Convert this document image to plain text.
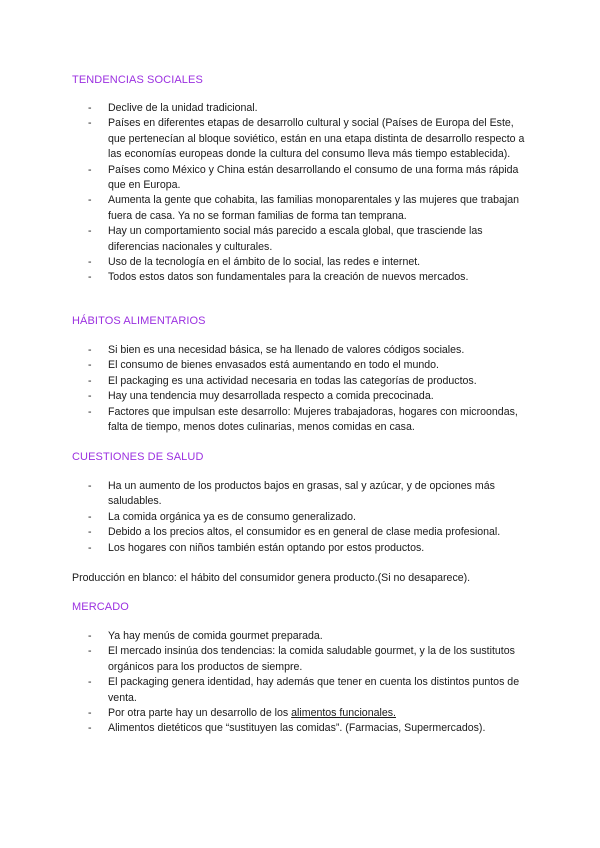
TENDENCIAS SOCIALES
- Declive de la unidad tradicional.
- Países en diferentes etapas de desarrollo cultural y social (Países de Europa del Este, que pertenecían al bloque soviético, están en una etapa distinta de desarrollo respecto a las economías europeas donde la cultura del consumo lleva más tiempo establecida).
- Países como México y China están desarrollando el consumo de una forma más rápida que en Europa.
- Aumenta la gente que cohabita, las familias monoparentales y las mujeres que trabajan fuera de casa. Ya no se forman familias de forma tan temprana.
- Hay un comportamiento social más parecido a escala global, que trasciende las diferencias nacionales y culturales.
- Uso de la tecnología en el ámbito de lo social, las redes e internet.
- Todos estos datos son fundamentales para la creación de nuevos mercados.
HÁBITOS ALIMENTARIOS
- Si bien es una necesidad básica, se ha llenado de valores códigos sociales.
- El consumo de bienes envasados está aumentando en todo el mundo.
- El packaging es una actividad necesaria en todas las categorías de productos.
- Hay una tendencia muy desarrollada respecto a comida precocinada.
- Factores que impulsan este desarrollo: Mujeres trabajadoras, hogares con microondas, falta de tiempo, menos dotes culinarias, menos comidas en casa.
CUESTIONES DE SALUD
- Ha un aumento de los productos bajos en grasas, sal y azúcar, y de opciones más saludables.
- La comida orgánica ya es de consumo generalizado.
- Debido a los precios altos, el consumidor es en general de clase media profesional.
- Los hogares con niños también están optando por estos productos.
Producción en blanco: el hábito del consumidor genera producto.(Si no desaparece).
MERCADO
- Ya hay menús de comida gourmet preparada.
- El mercado insinúa dos tendencias: la comida saludable gourmet, y la de los sustitutos orgánicos para los productos de siempre.
- El packaging genera identidad, hay además que tener en cuenta los distintos puntos de venta.
- Por otra parte hay un desarrollo de los alimentos funcionales.
- Alimentos dietéticos que “sustituyen las comidas”. (Farmacias, Supermercados).
